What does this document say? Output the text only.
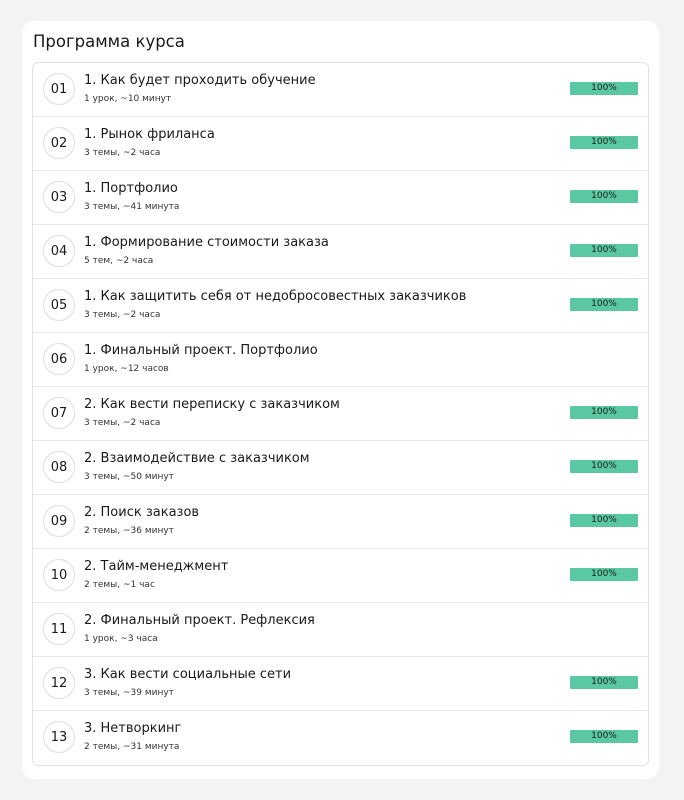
Программа курса
01
1. Как будет проходить обучение
1 урок, ~10 минут
100%
02
1. Рынок фриланса
3 темы, ~2 часа
100%
03
1. Портфолио
3 темы, ~41 минута
100%
04
1. Формирование стоимости заказа
5 тем, ~2 часа
100%
05
1. Как защитить себя от недобросовестных заказчиков
3 темы, ~2 часа
100%
06
1. Финальный проект. Портфолио
1 урок, ~12 часов
07
2. Как вести переписку с заказчиком
3 темы, ~2 часа
100%
08
2. Взаимодействие с заказчиком
3 темы, ~50 минут
100%
09
2. Поиск заказов
2 темы, ~36 минут
100%
10
2. Тайм-менеджмент
2 темы, ~1 час
100%
11
2. Финальный проект. Рефлексия
1 урок, ~3 часа
12
3. Как вести социальные сети
3 темы, ~39 минут
100%
13
3. Нетворкинг
2 темы, ~31 минута
100%
